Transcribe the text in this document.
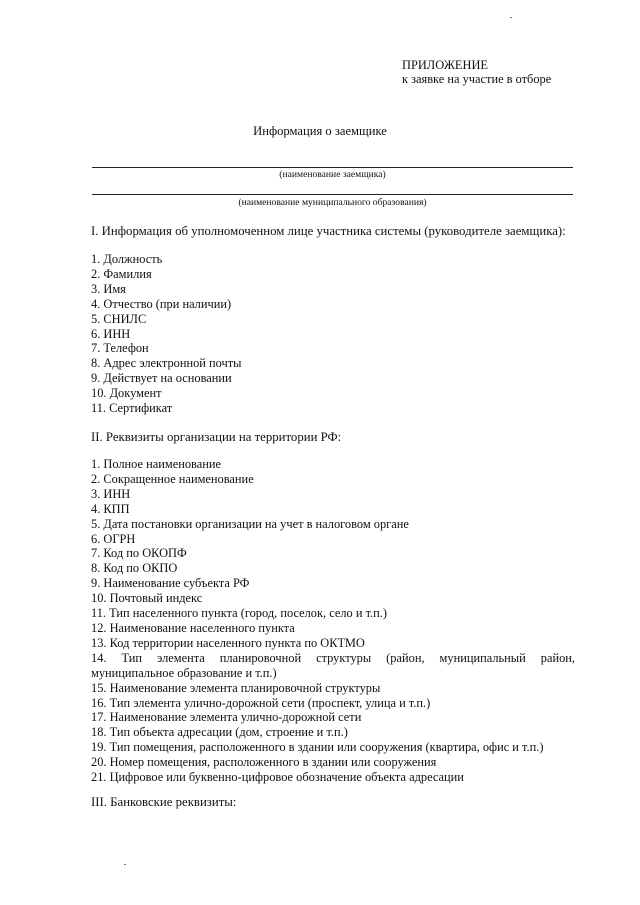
ПРИЛОЖЕНИЕ
к заявке на участие в отборе
Информация о заемщике
(наименование заемщика)
(наименование муниципального образования)
I. Информация об уполномоченном лице участника системы (руководителе заемщика):
1. Должность
2. Фамилия
3. Имя
4. Отчество (при наличии)
5. СНИЛС
6. ИНН
7. Телефон
8. Адрес электронной почты
9. Действует на основании
10. Документ
11. Сертификат
II. Реквизиты организации на территории РФ:
1. Полное наименование
2. Сокращенное наименование
3. ИНН
4. КПП
5. Дата постановки организации на учет в налоговом органе
6. ОГРН
7. Код по ОКОПФ
8. Код по ОКПО
9. Наименование субъекта РФ
10. Почтовый индекс
11. Тип населенного пункта (город, поселок, село и т.п.)
12. Наименование населенного пункта
13. Код территории населенного пункта по ОКТМО
14. Тип элемента планировочной структуры (район, муниципальный район, муниципальное образование и т.п.)
15. Наименование элемента планировочной структуры
16. Тип элемента улично-дорожной сети (проспект, улица и т.п.)
17. Наименование элемента улично-дорожной сети
18. Тип объекта адресации (дом, строение и т.п.)
19. Тип помещения, расположенного в здании или сооружения (квартира, офис и т.п.)
20. Номер помещения, расположенного в здании или сооружения
21. Цифровое или буквенно-цифровое обозначение объекта адресации
III. Банковские реквизиты:
